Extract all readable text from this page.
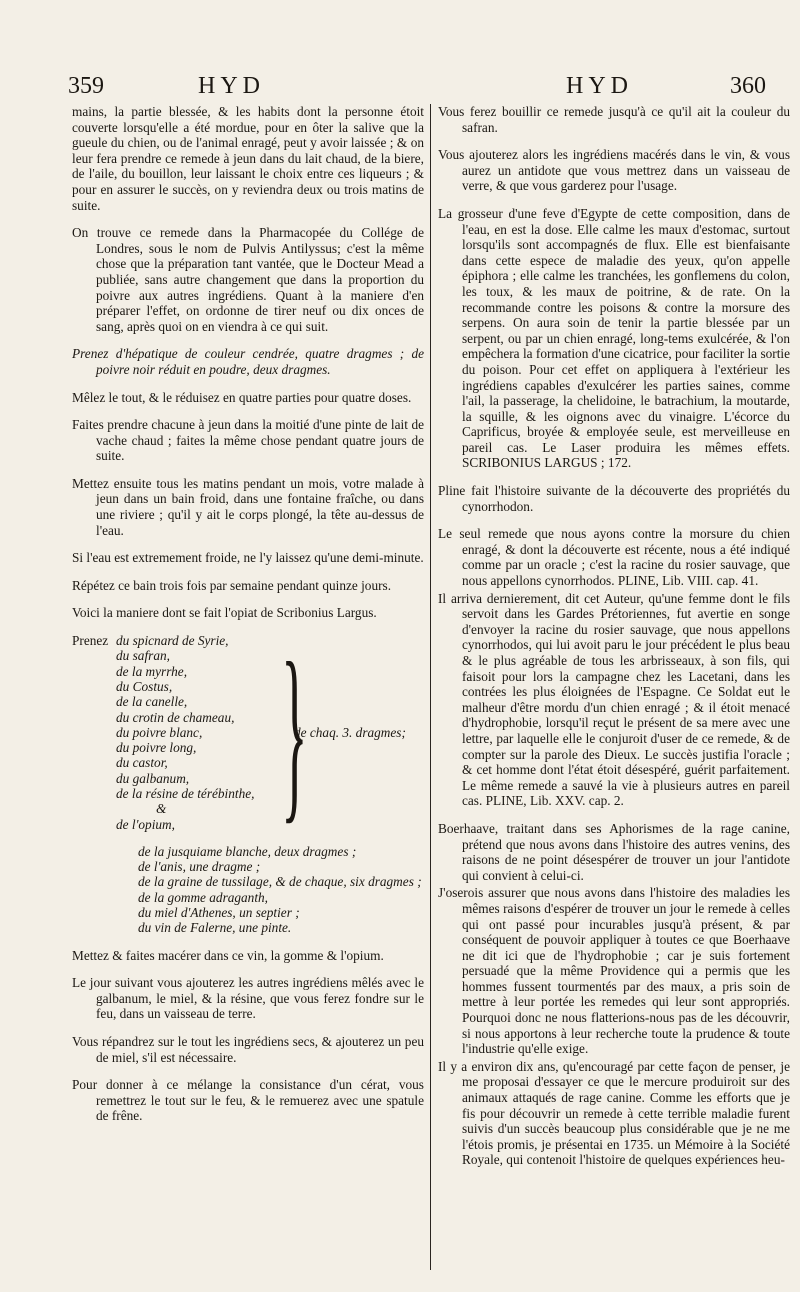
359	HYD	HYD	360

mains, la partie blessée, & les habits dont la personne étoit couverte lorsqu'elle a été mordue, pour en ôter la salive que la gueule du chien, ou de l'animal enragé, peut y avoir laissée ; & on leur fera prendre ce remede à jeun dans du lait chaud, de la biere, de l'aile, du bouillon, leur laissant le choix entre ces liqueurs ; & pour en assurer le succès, on y reviendra deux ou trois matins de suite.

On trouve ce remede dans la Pharmacopée du Collége de Londres, sous le nom de Pulvis Antilyssus; c'est la même chose que la préparation tant vantée, que le Docteur Mead a publiée, sans autre changement que dans la proportion du poivre aux autres ingrédiens. Quant à la maniere d'en préparer l'effet, on ordonne de tirer neuf ou dix onces de sang, après quoi on en viendra à ce qui suit.

Prenez d'hépatique de couleur cendrée, quatre dragmes ; de poivre noir réduit en poudre, deux dragmes.

Mêlez le tout, & le réduisez en quatre parties pour quatre doses.

Faites prendre chacune à jeun dans la moitié d'une pinte de lait de vache chaud ; faites la même chose pendant quatre jours de suite.

Mettez ensuite tous les matins pendant un mois, votre malade à jeun dans un bain froid, dans une fontaine fraîche, ou dans une riviere ; qu'il y ait le corps plongé, la tête au-dessus de l'eau.

Si l'eau est extremement froide, ne l'y laissez qu'une demi-minute.

Répétez ce bain trois fois par semaine pendant quinze jours.

Voici la maniere dont se fait l'opiat de Scribonius Largus.

Prenez du spicnard de Syrie,
du safran,
de la myrrhe,
du Costus,
de la canelle,
du crotin de chameau,
du poivre blanc,
du poivre long,
du castor,
du galbanum,
de la résine de térébinthe,
&
de l'opium, }
de chaq. 3. dragmes;
de la jusquiame blanche, deux dragmes ;
de l'anis, une dragme ;
de la graine de tussilage, & de chaque, six dragmes ;
de la gomme adraganth,
du miel d'Athenes, un septier ;
du vin de Falerne, une pinte.

Mettez & faites macérer dans ce vin, la gomme & l'opium.

Le jour suivant vous ajouterez les autres ingrédiens mêlés avec le galbanum, le miel, & la résine, que vous ferez fondre sur le feu, dans un vaisseau de terre.

Vous répandrez sur le tout les ingrédiens secs, & ajouterez un peu de miel, s'il est nécessaire.

Pour donner à ce mélange la consistance d'un cérat, vous remettrez le tout sur le feu, & le remuerez avec une spatule de frêne.

Vous ferez bouillir ce remede jusqu'à ce qu'il ait la couleur du safran.

Vous ajouterez alors les ingrédiens macérés dans le vin, & vous aurez un antidote que vous mettrez dans un vaisseau de verre, & que vous garderez pour l'usage.

La grosseur d'une feve d'Egypte de cette composition, dans de l'eau, en est la dose. Elle calme les maux d'estomac, surtout lorsqu'ils sont accompagnés de flux. Elle est bienfaisante dans cette espece de maladie des yeux, qu'on appelle épiphora ; elle calme les tranchées, les gonflemens du colon, les toux, & les maux de poitrine, & de rate. On la recommande contre les poisons & contre la morsure des serpens. On aura soin de tenir la partie blessée par un serpent, ou par un chien enragé, long-tems exulcérée, & l'on empêchera la formation d'une cicatrice, pour faciliter la sortie du poison. Pour cet effet on appliquera à l'extérieur les ingrédiens capables d'exulcérer les parties saines, comme l'ail, la passerage, la chelidoine, le batrachium, la moutarde, la squille, & les oignons avec du vinaigre. L'écorce du Caprificus, broyée & employée seule, est merveilleuse en pareil cas. Le Laser produira les mêmes effets. SCRIBONIUS LARGUS ; 172.

Pline fait l'histoire suivante de la découverte des propriétés du cynorrhodon.

Le seul remede que nous ayons contre la morsure du chien enragé, & dont la découverte est récente, nous a été indiqué comme par un oracle ; c'est la racine du rosier sauvage, que nous appellons cynorrhodos. PLINE, Lib. VIII. cap. 41.

Il arriva dernierement, dit cet Auteur, qu'une femme dont le fils servoit dans les Gardes Prétoriennes, fut avertie en songe d'envoyer la racine du rosier sauvage, que nous appellons cynorrhodos, qui lui avoit paru le jour précédent le plus beau & le plus agréable de tous les arbrisseaux, à son fils, qui faisoit pour lors la campagne chez les Lacetani, dans les contrées les plus éloignées de l'Espagne. Ce Soldat eut le malheur d'être mordu d'un chien enragé ; & il étoit menacé d'hydrophobie, lorsqu'il reçut le présent de sa mere avec une lettre, par laquelle elle le conjuroit d'user de ce remede, & de compter sur la parole des Dieux. Le succès justifia l'oracle ; & cet homme dont l'état étoit désespéré, guérit parfaitement. Le même remede a sauvé la vie à plusieurs autres en pareil cas. PLINE, Lib. XXV. cap. 2.

Boerhaave, traitant dans ses Aphorismes de la rage canine, prétend que nous avons dans l'histoire des autres venins, des raisons de ne point désespérer de trouver un jour l'antidote qui convient à celui-ci.

J'oserois assurer que nous avons dans l'histoire des maladies les mêmes raisons d'espérer de trouver un jour le remede à celles qui ont passé pour incurables jusqu'à présent, & par conséquent de pouvoir appliquer à toutes ce que Boerhaave ne dit ici que de l'hydrophobie ; car je suis fortement persuadé que la même Providence qui a permis que les hommes fussent tourmentés par des maux, a pris soin de mettre à leur portée les remedes qui leur sont appropriés. Pourquoi donc ne nous flatterions-nous pas de les découvrir, si nous apportons à leur recherche toute la prudence & toute l'industrie qu'elle exige.

Il y a environ dix ans, qu'encouragé par cette façon de penser, je me proposai d'essayer ce que le mercure produiroit sur des animaux attaqués de rage canine. Comme les efforts que je fis pour découvrir un remede à cette terrible maladie furent suivis d'un succès beaucoup plus considérable que je ne me l'étois promis, je présentai en 1735. un Mémoire à la Société Royale, qui contenoit l'histoire de quelques expériences heu-
